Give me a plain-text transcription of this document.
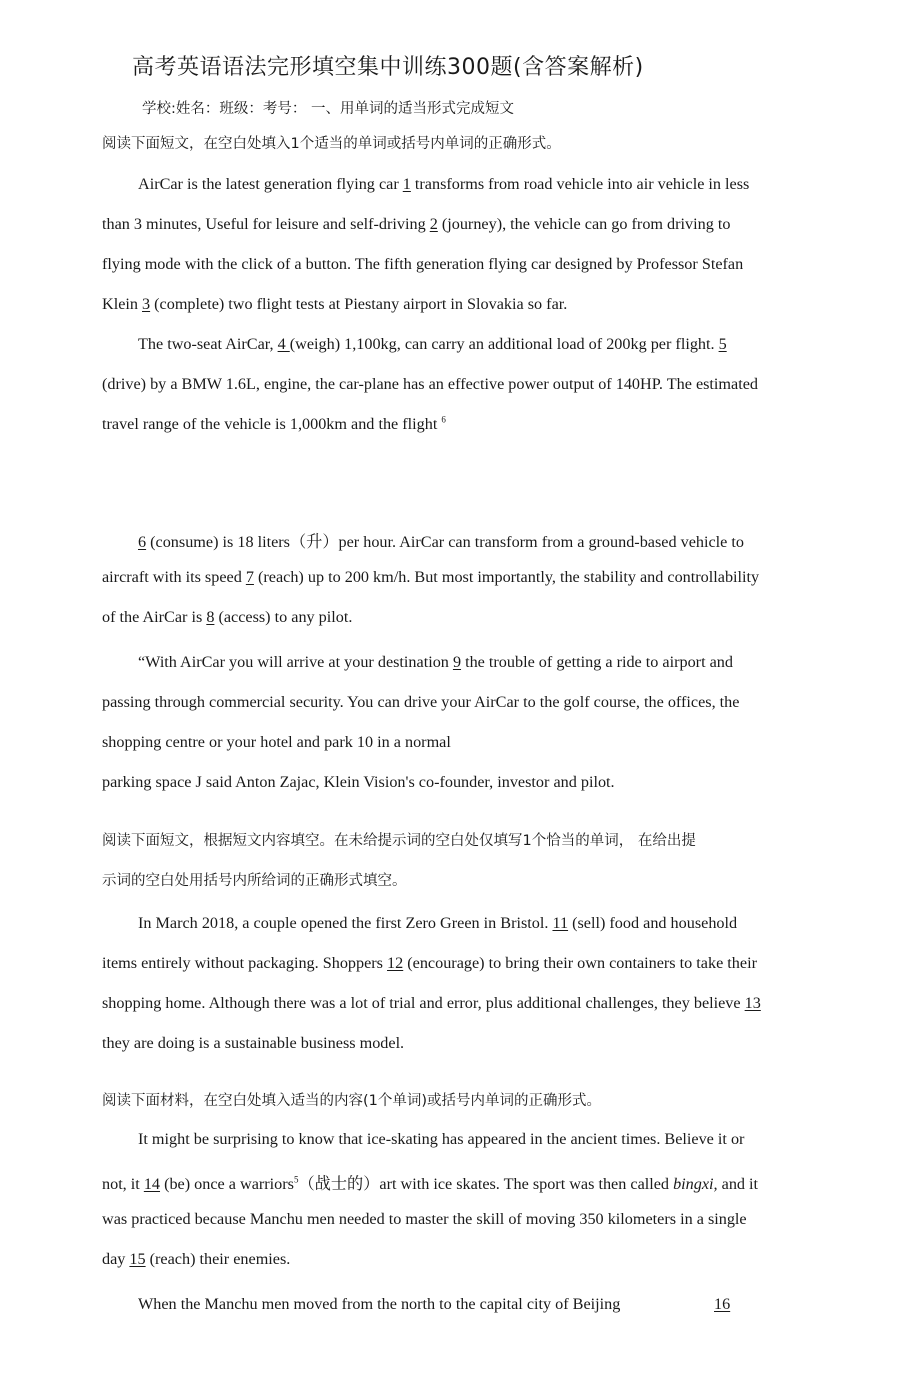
高考英语语法完形填空集中训练300题(含答案解析)
学校:姓名：班级：考号： 一、用单词的适当形式完成短文
阅读下面短文，在空白处填入1个适当的单词或括号内单词的正确形式。
AirCar is the latest generation flying car 1 transforms from road vehicle into air vehicle in less
than 3 minutes, Useful for leisure and self-driving 2 (journey), the vehicle can go from driving to
flying mode with the click of a button. The fifth generation flying car designed by Professor Stefan
Klein 3 (complete) two flight tests at Piestany airport in Slovakia so far.
The two-seat AirCar, 4 (weigh) 1,100kg, can carry an additional load of 200kg per flight. 5
(drive) by a BMW 1.6L, engine, the car-plane has an effective power output of 140HP. The estimated
travel range of the vehicle is 1,000km and the flight $^6$
6 (consume) is 18 liters（升）per hour. AirCar can transform from a ground-based vehicle to
aircraft with its speed 7 (reach) up to 200 km/h. But most importantly, the stability and controllability
of the AirCar is 8 (access) to any pilot.
“With AirCar you will arrive at your destination 9 the trouble of getting a ride to airport and
passing through commercial security. You can drive your AirCar to the golf course, the offices, the
shopping centre or your hotel and park 10 in a normal
parking space J said Anton Zajac, Klein Vision's co-founder, investor and pilot.
阅读下面短文，根据短文内容填空。在未给提示词的空白处仅填写1个恰当的单词， 在给出提
示词的空白处用括号内所给词的正确形式填空。
In March 2018, a couple opened the first Zero Green in Bristol. 11 (sell) food and household
items entirely without packaging. Shoppers 12 (encourage) to bring their own containers to take their
shopping home. Although there was a lot of trial and error, plus additional challenges, they believe 13
they are doing is a sustainable business model.
阅读下面材料，在空白处填入适当的内容(1个单词)或括号内单词的正确形式。
It might be surprising to know that ice-skating has appeared in the ancient times. Believe it or
not, it 14 (be) once a warriors$^5$（战士的）art with ice skates. The sport was then called bingxi, and it
was practiced because Manchu men needed to master the skill of moving 350 kilometers in a single
day 15 (reach) their enemies.
When the Manchu men moved from the north to the capital city of Beijing	16
